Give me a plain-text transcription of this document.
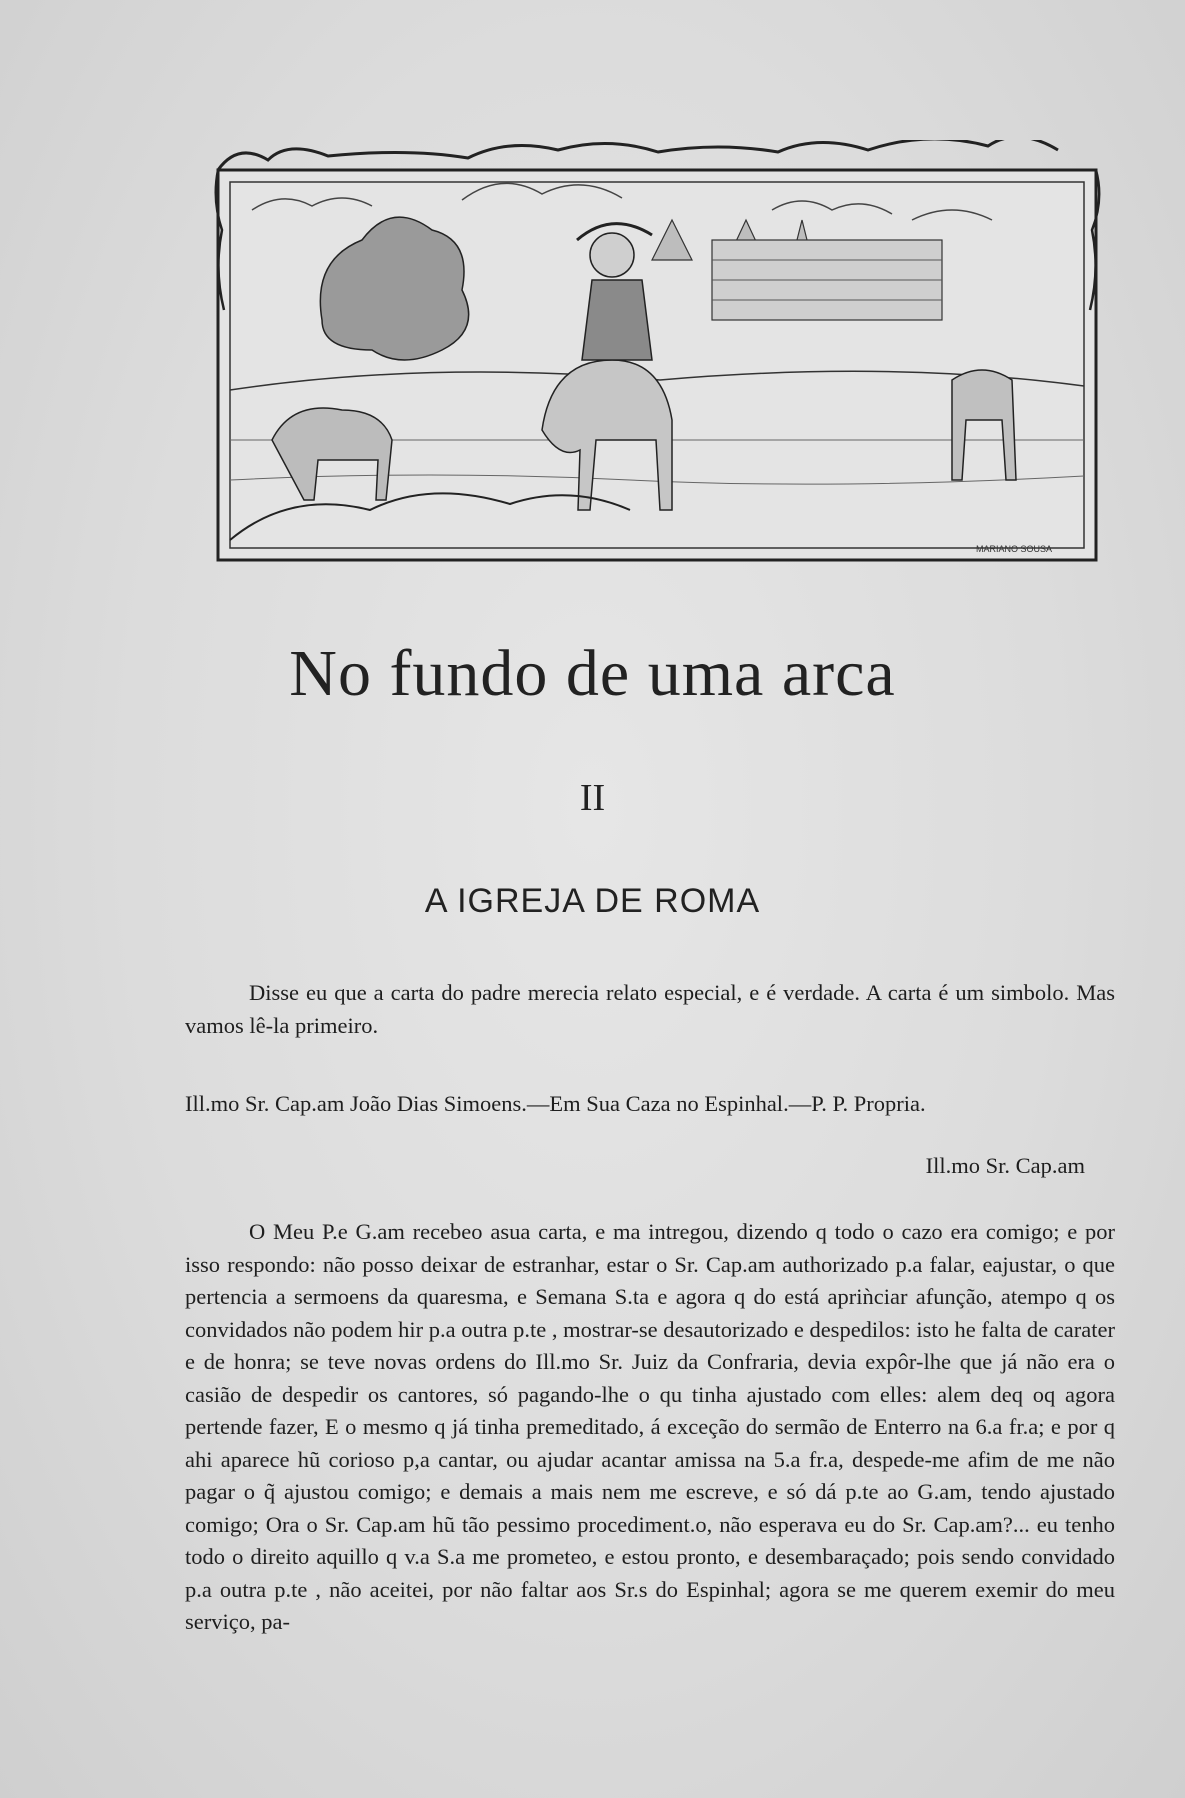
MARIANO SOUSA
No fundo de uma arca
II
A IGREJA DE ROMA

Disse eu que a carta do padre merecia relato especial, e é verdade. A carta é um simbolo. Mas vamos lê-la primeiro.

Ill.mo Sr. Cap.am João Dias Simoens.—Em Sua Caza no Espinhal.—P. P. Propria.

Ill.mo Sr. Cap.am

O Meu P.e G.am recebeo asua carta, e ma intregou, dizendo q todo o cazo era comigo; e por isso respondo: não posso deixar de estranhar, estar o Sr. Cap.am authorizado p.a falar, eajustar, o que pertencia a sermoens da quaresma, e Semana S.ta e agora q do está apriǹciar afunção, atempo q os convidados não podem hir p.a outra p.te , mostrar-se desautorizado e despedilos: isto he falta de carater e de honra; se teve novas ordens do Ill.mo Sr. Juiz da Confraria, devia expôr-lhe que já não era o casião de despedir os cantores, só pagando-lhe o qu tinha ajustado com elles: alem deq oq agora pertende fazer, E o mesmo q já tinha premeditado, á exceção do sermão de Enterro na 6.a fr.a; e por q ahi aparece hũ corioso p,a cantar, ou ajudar acantar amissa na 5.a fr.a, despede-me afim de me não pagar o q̃ ajustou comigo; e demais a mais nem me escreve, e só dá p.te ao G.am, tendo ajustado comigo; Ora o Sr. Cap.am hũ tão pessimo procediment.o, não esperava eu do Sr. Cap.am?... eu tenho todo o direito aquillo q v.a S.a me prometeo, e estou pronto, e desembaraçado; pois sendo convidado p.a outra p.te , não aceitei, por não faltar aos Sr.s do Espinhal; agora se me querem exemir do meu serviço, pa-
